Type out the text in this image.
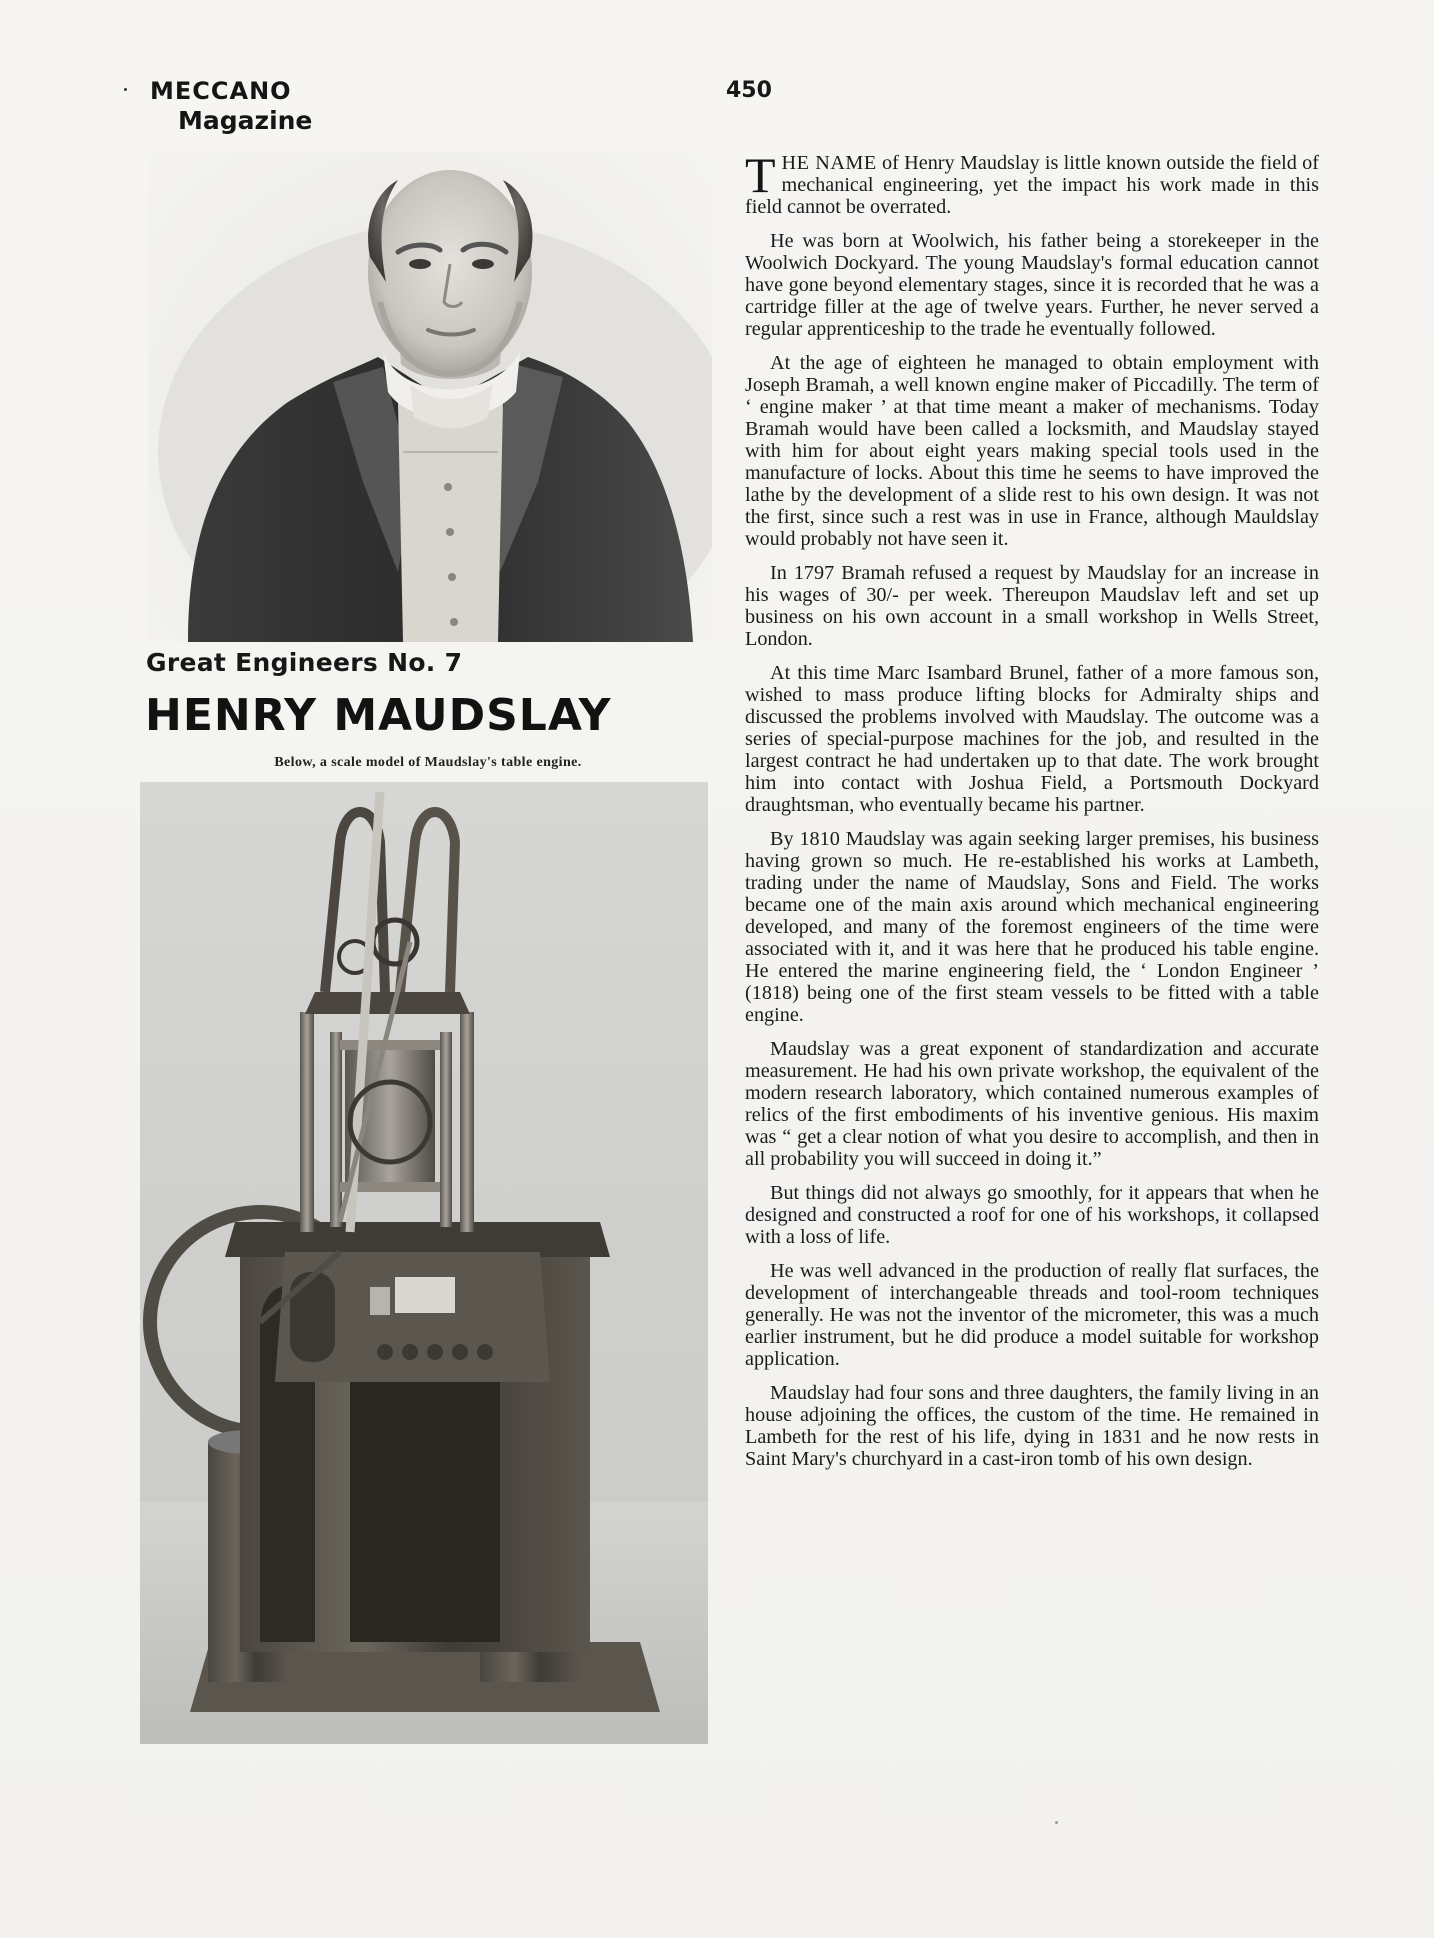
MECCANO
Magazine
450
Great Engineers No. 7
HENRY MAUDSLAY
Below, a scale model of Maudslay's table engine.

THE NAME of Henry Maudslay is little known outside the field of mechanical engineering, yet the impact his work made in this field cannot be overrated.

He was born at Woolwich, his father being a storekeeper in the Woolwich Dockyard. The young Maudslay's formal education cannot have gone beyond elementary stages, since it is recorded that he was a cartridge filler at the age of twelve years. Further, he never served a regular apprenticeship to the trade he eventually followed.

At the age of eighteen he managed to obtain employment with Joseph Bramah, a well known engine maker of Piccadilly. The term of ‘ engine maker ’ at that time meant a maker of mechanisms. Today Bramah would have been called a locksmith, and Maudslay stayed with him for about eight years making special tools used in the manufacture of locks. About this time he seems to have improved the lathe by the development of a slide rest to his own design. It was not the first, since such a rest was in use in France, although Mauldslay would probably not have seen it.

In 1797 Bramah refused a request by Maudslay for an increase in his wages of 30/- per week. Thereupon Maudslav left and set up business on his own account in a small workshop in Wells Street, London.

At this time Marc Isambard Brunel, father of a more famous son, wished to mass produce lifting blocks for Admiralty ships and discussed the problems involved with Maudslay. The outcome was a series of special-purpose machines for the job, and resulted in the largest contract he had undertaken up to that date. The work brought him into contact with Joshua Field, a Portsmouth Dockyard draughtsman, who eventually became his partner.

By 1810 Maudslay was again seeking larger premises, his business having grown so much. He re-established his works at Lambeth, trading under the name of Maudslay, Sons and Field. The works became one of the main axis around which mechanical engineering developed, and many of the foremost engineers of the time were associated with it, and it was here that he produced his table engine. He entered the marine engineering field, the ‘ London Engineer ’ (1818) being one of the first steam vessels to be fitted with a table engine.

Maudslay was a great exponent of standardization and accurate measurement. He had his own private workshop, the equivalent of the modern research laboratory, which contained numerous examples of relics of the first embodiments of his inventive genious. His maxim was “ get a clear notion of what you desire to accomplish, and then in all probability you will succeed in doing it.”

But things did not always go smoothly, for it appears that when he designed and constructed a roof for one of his workshops, it collapsed with a loss of life.

He was well advanced in the production of really flat surfaces, the development of interchangeable threads and tool-room techniques generally. He was not the inventor of the micrometer, this was a much earlier instrument, but he did produce a model suitable for workshop application.

Maudslay had four sons and three daughters, the family living in an house adjoining the offices, the custom of the time. He remained in Lambeth for the rest of his life, dying in 1831 and he now rests in Saint Mary's churchyard in a cast-iron tomb of his own design.
